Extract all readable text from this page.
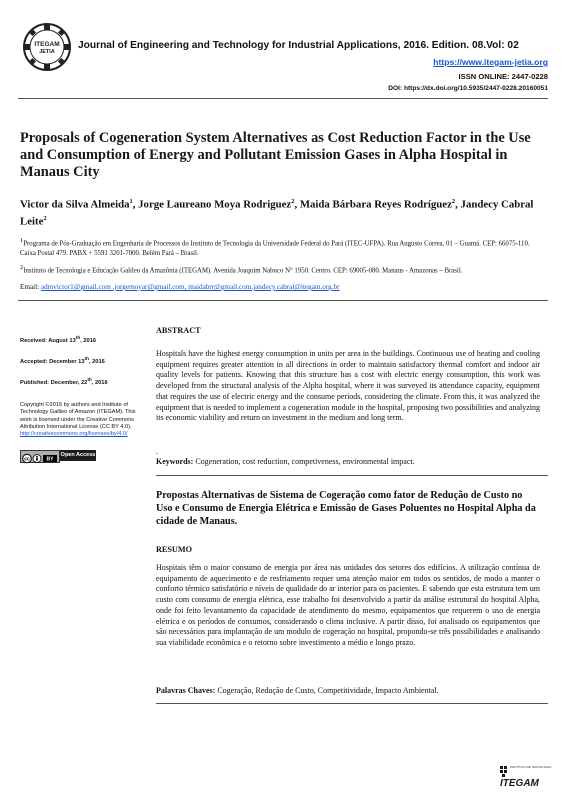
ITEGAM
JETIA
Journal of Engineering and Technology for Industrial Applications, 2016. Edition. 08.Vol: 02
https://www.itegam-jetia.org
ISSN ONLINE: 2447-0228
DOI: https://dx.doi.org/10.5935/2447-0228.20160051
Proposals of Cogeneration System Alternatives as Cost Reduction Factor in the Use and Consumption of Energy and Pollutant Emission Gases in Alpha Hospital in Manaus City
Victor da Silva Almeida$^1$, Jorge Laureano Moya Rodriguez$^2$, Maida Bárbara Reyes Rodríguez$^2$, Jandecy Cabral Leite$^2$
$^1$Programa de Pós-Graduação em Engenharia de Processos do Instituto de Tecnologia da Universidade Federal do Pará (ITEC-UFPA). Rua Augusto Correa, 01 – Guamá. CEP: 66075-110. Caixa Postal 479. PABX + 5591 3201-7000. Belém Pará – Brasil.
$^2$Instituto de Tecnologia e Educação Galileo da Amazônia (ITEGAM). Avenida Joaquim Nabuco N° 1950. Centro. CEP: 69005-080. Manaus - Amazonas – Brasil.
Email: admvictor1@gmail.com ,jorgemoyar@gmail.com, maidabrr@gmail.com,jandecy.cabral@itegam.org.br
Received: August 13th, 2016
Accepted: December 13th, 2016
Published: December, 22th, 2016
Copyright ©2016 by authors and Institute of Technology Galileo of Amazon (ITEGAM). This work is licensed under the Creative Commons Attribution International License (CC BY 4.0).
http://creativecommons.org/licenses/by/4.0/
cc	BY
Open Access
ABSTRACT
Hospitals have the highest energy consumption in units per area in the buildings. Continuous use of heating and cooling equipment requires greater attention in all directions in order to maintain satisfactory thermal comfort and indoor air quality levels for patients. Knowing that this structure has a cost with electric energy consumption, this work was developed from the structural analysis of the Alpha hospital, where it was surveyed its attendance capacity, equipment that requires the use of electric energy and the consume periods, considering the climate. From this, it was analyzed the equipment that is needed to implement a cogeneration module in the hospital, proposing two possibilities and analyzing its economic viability and return on investment in the medium and long term.
.
Keywords: Cogeneration, cost reduction, competiveness, environmental impact.
Propostas Alternativas de Sistema de Cogeração como fator de Redução de Custo no Uso e Consumo de Energia Elétrica e Emissão de Gases Poluentes no Hospital Alpha da cidade de Manaus.
RESUMO
Hospitais têm o maior consumo de energia por área nas unidades dos setores dos edifícios. A utilização contínua de equipamento de aquecimento e de resfriamento requer uma atenção maior em todos os sentidos, de modo a manter o conforto térmico satisfatório e níveis de qualidade do ar interior para os pacientes. E sabendo que esta estrutura tem um custo com consumo de energia elétrica, esse trabalho foi desenvolvido a partir da análise estrutural do hospital Alpha, onde foi feito levantamento da capacidade de atendimento do mesmo, equipamentos que requerem o uso de energia elétrica e os períodos de consumos, considerando o clima inclusive. A partir disso, foi analisado os equipamentos que são necessários para implantação de um modulo de cogeração no hospital, propondo-se três possibilidades e analisando sua viabilidade econômica e o retorno sobre investimento a médio e longo prazo.
Palavras Chaves: Cogeração, Redução de Custo, Competitividade, Impacto Ambiental.
INSTITUTO DE TECNOLOGIA
ITEGAM
